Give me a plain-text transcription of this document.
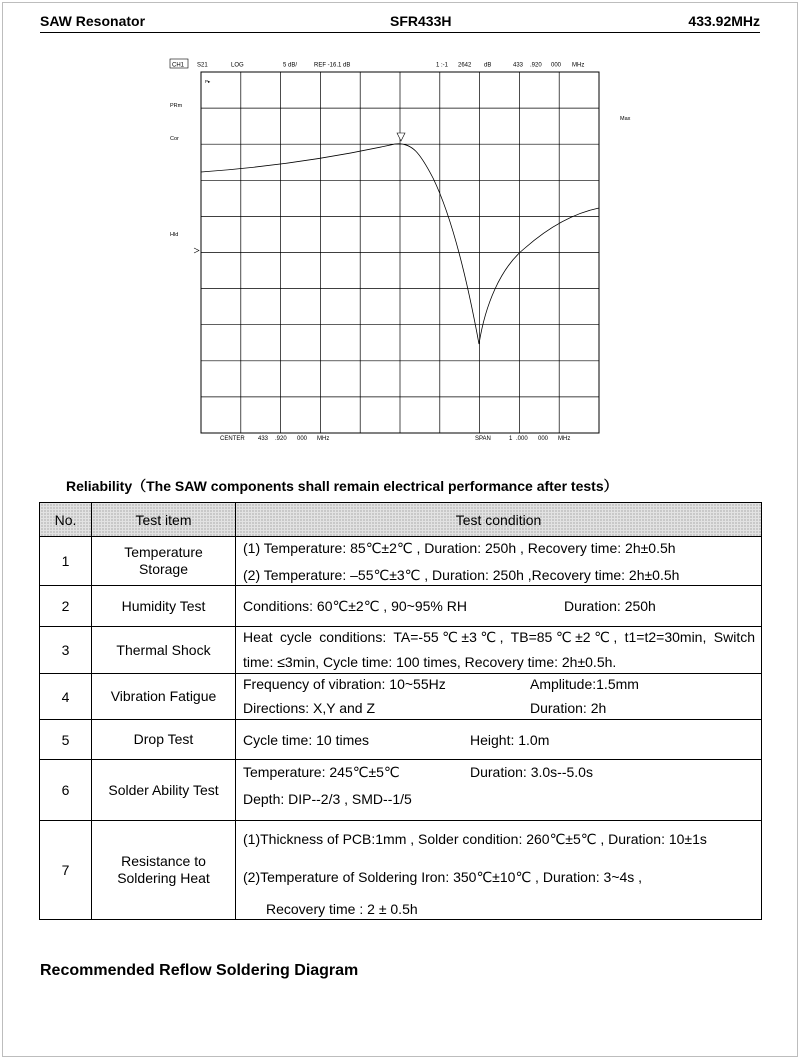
SAW Resonator	SFR433H	433.92MHz
CH1 S21	LOG	5 dB/	REF -16.1 dB	1 :-1 2642 dB	433 .920 000 MHz
P▸
PRm
Cor
Hld
Max
CENTER 433 .920 000 MHz	SPAN	1 .000 000 MHz
Reliability（The SAW components shall remain electrical performance after tests）
No.	Test item	Test condition
1	Temperature Storage	(1) Temperature: 85℃±2℃ , Duration: 250h , Recovery time: 2h±0.5h
(2) Temperature: –55℃±3℃ , Duration: 250h ,Recovery time: 2h±0.5h

2	Humidity Test	Conditions: 60℃±2℃ , 90~95% RH Duration: 250h

3	Thermal Shock	Heat cycle conditions: TA=-55℃±3℃, TB=85℃±2℃, t1=t2=30min, Switch
time: ≤3min, Cycle time: 100 times, Recovery time: 2h±0.5h.

4	Vibration Fatigue	Frequency of vibration: 10~55Hz Amplitude:1.5mm
Directions: X,Y and Z Duration: 2h

5	Drop Test	Cycle time: 10 times Height: 1.0m

6	Solder Ability Test	Temperature: 245℃±5℃ Duration: 3.0s--5.0s
Depth: DIP--2/3 , SMD--1/5

7	Resistance to Soldering Heat	(1)Thickness of PCB:1mm , Solder condition: 260℃±5℃ , Duration: 10±1s
(2)Temperature of Soldering Iron: 350℃±10℃ , Duration: 3~4s ,
Recovery time : 2 ± 0.5h
Recommended Reflow Soldering Diagram
